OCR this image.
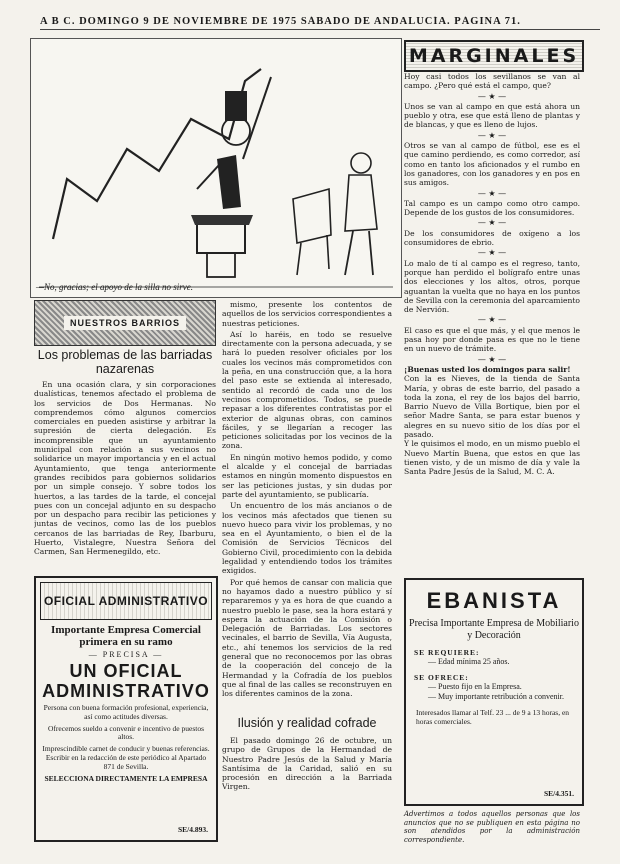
A B C. DOMINGO 9 DE NOVIEMBRE DE 1975 SÁBADO DE ANDALUCÍA. PÁGINA 71.
—No, gracias; el apoyo de la silla no sirve.
NUESTROS BARRIOS
Los problemas de las barriadas nazarenas

En una ocasión clara, y sin corporaciones dualísticas, tenemos afectado el problema de los servicios de Dos Hermanas. No comprendemos cómo algunos comercios comerciales en pueden asistirse y arbitrar la supresión de cierta delegación. Es incomprensible que un ayuntamiento municipal con relación a sus vecinos no solidarice un mayor importancia y en el actual Ayuntamiento, que tenga anteriormente grandes recibidos para gobiernos solidarios por un simple consejo. Y sobre todos los huertos, a las tardes de la tarde, el concejal pues con un concejal adjunto en su despacho por un despacho para recibir las peticiones y juntas de vecinos, como las de los pueblos cercanos de las barriadas de Rey, Ibarburu, Huerto, Vistalegre, Nuestra Señora del Carmen, San Hermenegildo, etc.

mismo, presente los contentos de aquellos de los servicios correspondientes a nuestras peticiones.

Así lo haréis, en todo se resuelve directamente con la persona adecuada, y se hará lo pueden resolver oficiales por los cuales los vecinos más comprometidos con la peña, en una construcción que, a la hora del paso este se extienda al interesado, sentido al recordó de cada uno de los vecinos comprometidos. Todos, se puede repasar a los diferentes contratistas por el exterior de algunas obras, con caminos fáciles, y se llegarían a recoger las peticiones solicitadas por los vecinos de la zona.

En ningún motivo hemos podido, y como el alcalde y el concejal de barriadas estamos en ningún momento dispuestos en ser las peticiones justas, y sin dudas por parte del ayuntamiento, se publicaría.

Un encuentro de los más ancianos o de los vecinos más afectados que tienen su nuevo hueco para vivir los problemas, y no sea en el Ayuntamiento, o bien el de la Comisión de Servicios Técnicos del Gobierno Civil, procedimiento con la debida legalidad y entendiendo todos los trámites exigidos.

Por qué hemos de cansar con malicia que no hayamos dado a nuestro público y sí repararemos y ya es hora de que cuando a nuestro pueblo le pase, sea la hora estará y espera la actuación de la Comisión o Delegación de Barriadas. Los sectores vecinales, el barrio de Sevilla, Vía Augusta, etc., ahí tenemos los servicios de la red general que no reconocemos por las obras de la cooperación del concejo de la Hermandad y la Cofradía de los pueblos que al final de las calles se reconstruyen en los diferentes caminos de la zona.

Ilusión y realidad cofrade

El pasado domingo 26 de octubre, un grupo de Grupos de la Hermandad de Nuestro Padre Jesús de la Salud y María Santísima de la Caridad, salió en su procesión en dirección a la Barriada Virgen.

MARGINALES

Hoy casi todos los sevillanos se van al campo. ¿Pero qué está el campo, que?

— ★ —

Unos se van al campo en que está ahora un pueblo y otra, ese que está lleno de plantas y de blancas, y que es lleno de lujos.

— ★ —

Otros se van al campo de fútbol, ese es el que camino perdiendo, es como corredor, así como en tanto los aficionados y el rumbo en los ganadores, con los ganadores y en pos en sus amigos.

— ★ —

Tal campo es un campo como otro campo. Depende de los gustos de los consumidores.

— ★ —

De los consumidores de oxígeno a los consumidores de ebrio.

— ★ —

Lo malo de tí al campo es el regreso, tanto, porque han perdido el bolígrafo entre unas dos elecciones y los altos, otros, porque aguantan la vuelta que no haya en los puntos de Sevilla con la ceremonia del aparcamiento de Nervión.

— ★ —

El caso es que el que más, y el que menos le pasa hoy por donde pasa es que no le tiene en un nuevo de trámite.

— ★ —

¡Buenas usted los domingos para salir!

Con la es Nieves, de la tienda de Santa María, y obras de este barrio, del pasado a toda la zona, el rey de los bajos del barrio, Barrio Nuevo de Villa Bortique, bien por el señor Madre Santa, se para estar buenos y alegres en su nuevo sitio de los días por el pasado.

Y le quisimos el modo, en un mismo pueblo el Nuevo Martín Buena, que estos en que las tienen visto, y de un mismo de día y vale la Santa Padre Jesús de la Salud, M. C. A.

OFICIAL ADMINISTRATIVO
Importante Empresa Comercial primera en su ramo
— PRECISA —
UN OFICIAL ADMINISTRATIVO
Persona con buena formación profesional, experiencia, así como actitudes diversas.
Ofrecemos sueldo a convenir e incentivo de puestos altos.
Imprescindible carnet de conducir y buenas referencias. Escribir en la redacción de este periódico al Apartado 871 de Sevilla.
SELECCIONA DIRECTAMENTE LA EMPRESA
SE/4.893.
EBANISTA
Precisa Importante Empresa de Mobiliario y Decoración
SE REQUIERE:
— Edad mínima 25 años.
SE OFRECE:
— Puesto fijo en la Empresa.
— Muy importante retribución a convenir.
Interesados llamar al Telf. 23 ... de 9 a 13 horas, en horas comerciales.
SE/4.351.
Advertimos a todos aquellos personas que los anuncios que no se publiquen en esta página no son atendidos por la administración correspondiente.
